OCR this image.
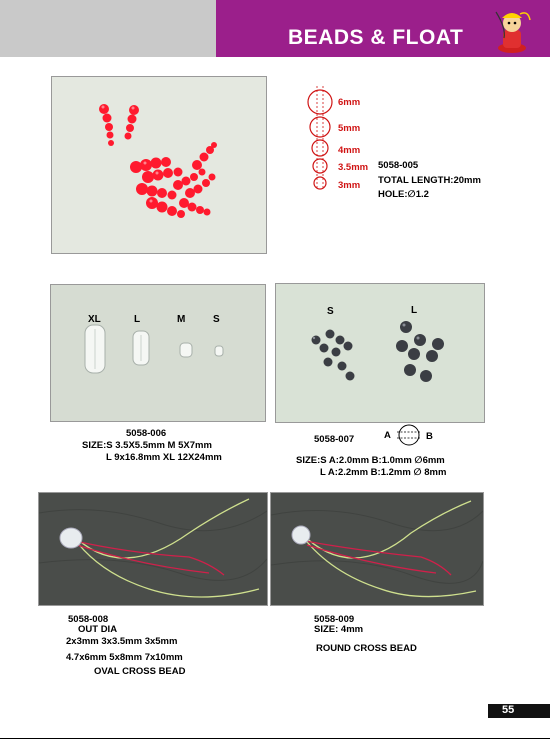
BEADS & FLOAT
6mm
5mm
4mm
3.5mm
3mm
5058-005
TOTAL LENGTH:20mm
HOLE:∅1.2
XL	L	M	S
5058-006
SIZE:S 3.5X5.5mm M 5X7mm
L 9x16.8mm XL 12X24mm
S	L
5058-007	A	B
SIZE:S A:2.0mm B:1.0mm ∅6mm
L A:2.2mm B:1.2mm ∅ 8mm
5058-008
OUT DIA
2x3mm 3x3.5mm 3x5mm
4.7x6mm 5x8mm 7x10mm
OVAL CROSS BEAD
5058-009
SIZE: 4mm
ROUND CROSS BEAD
55
